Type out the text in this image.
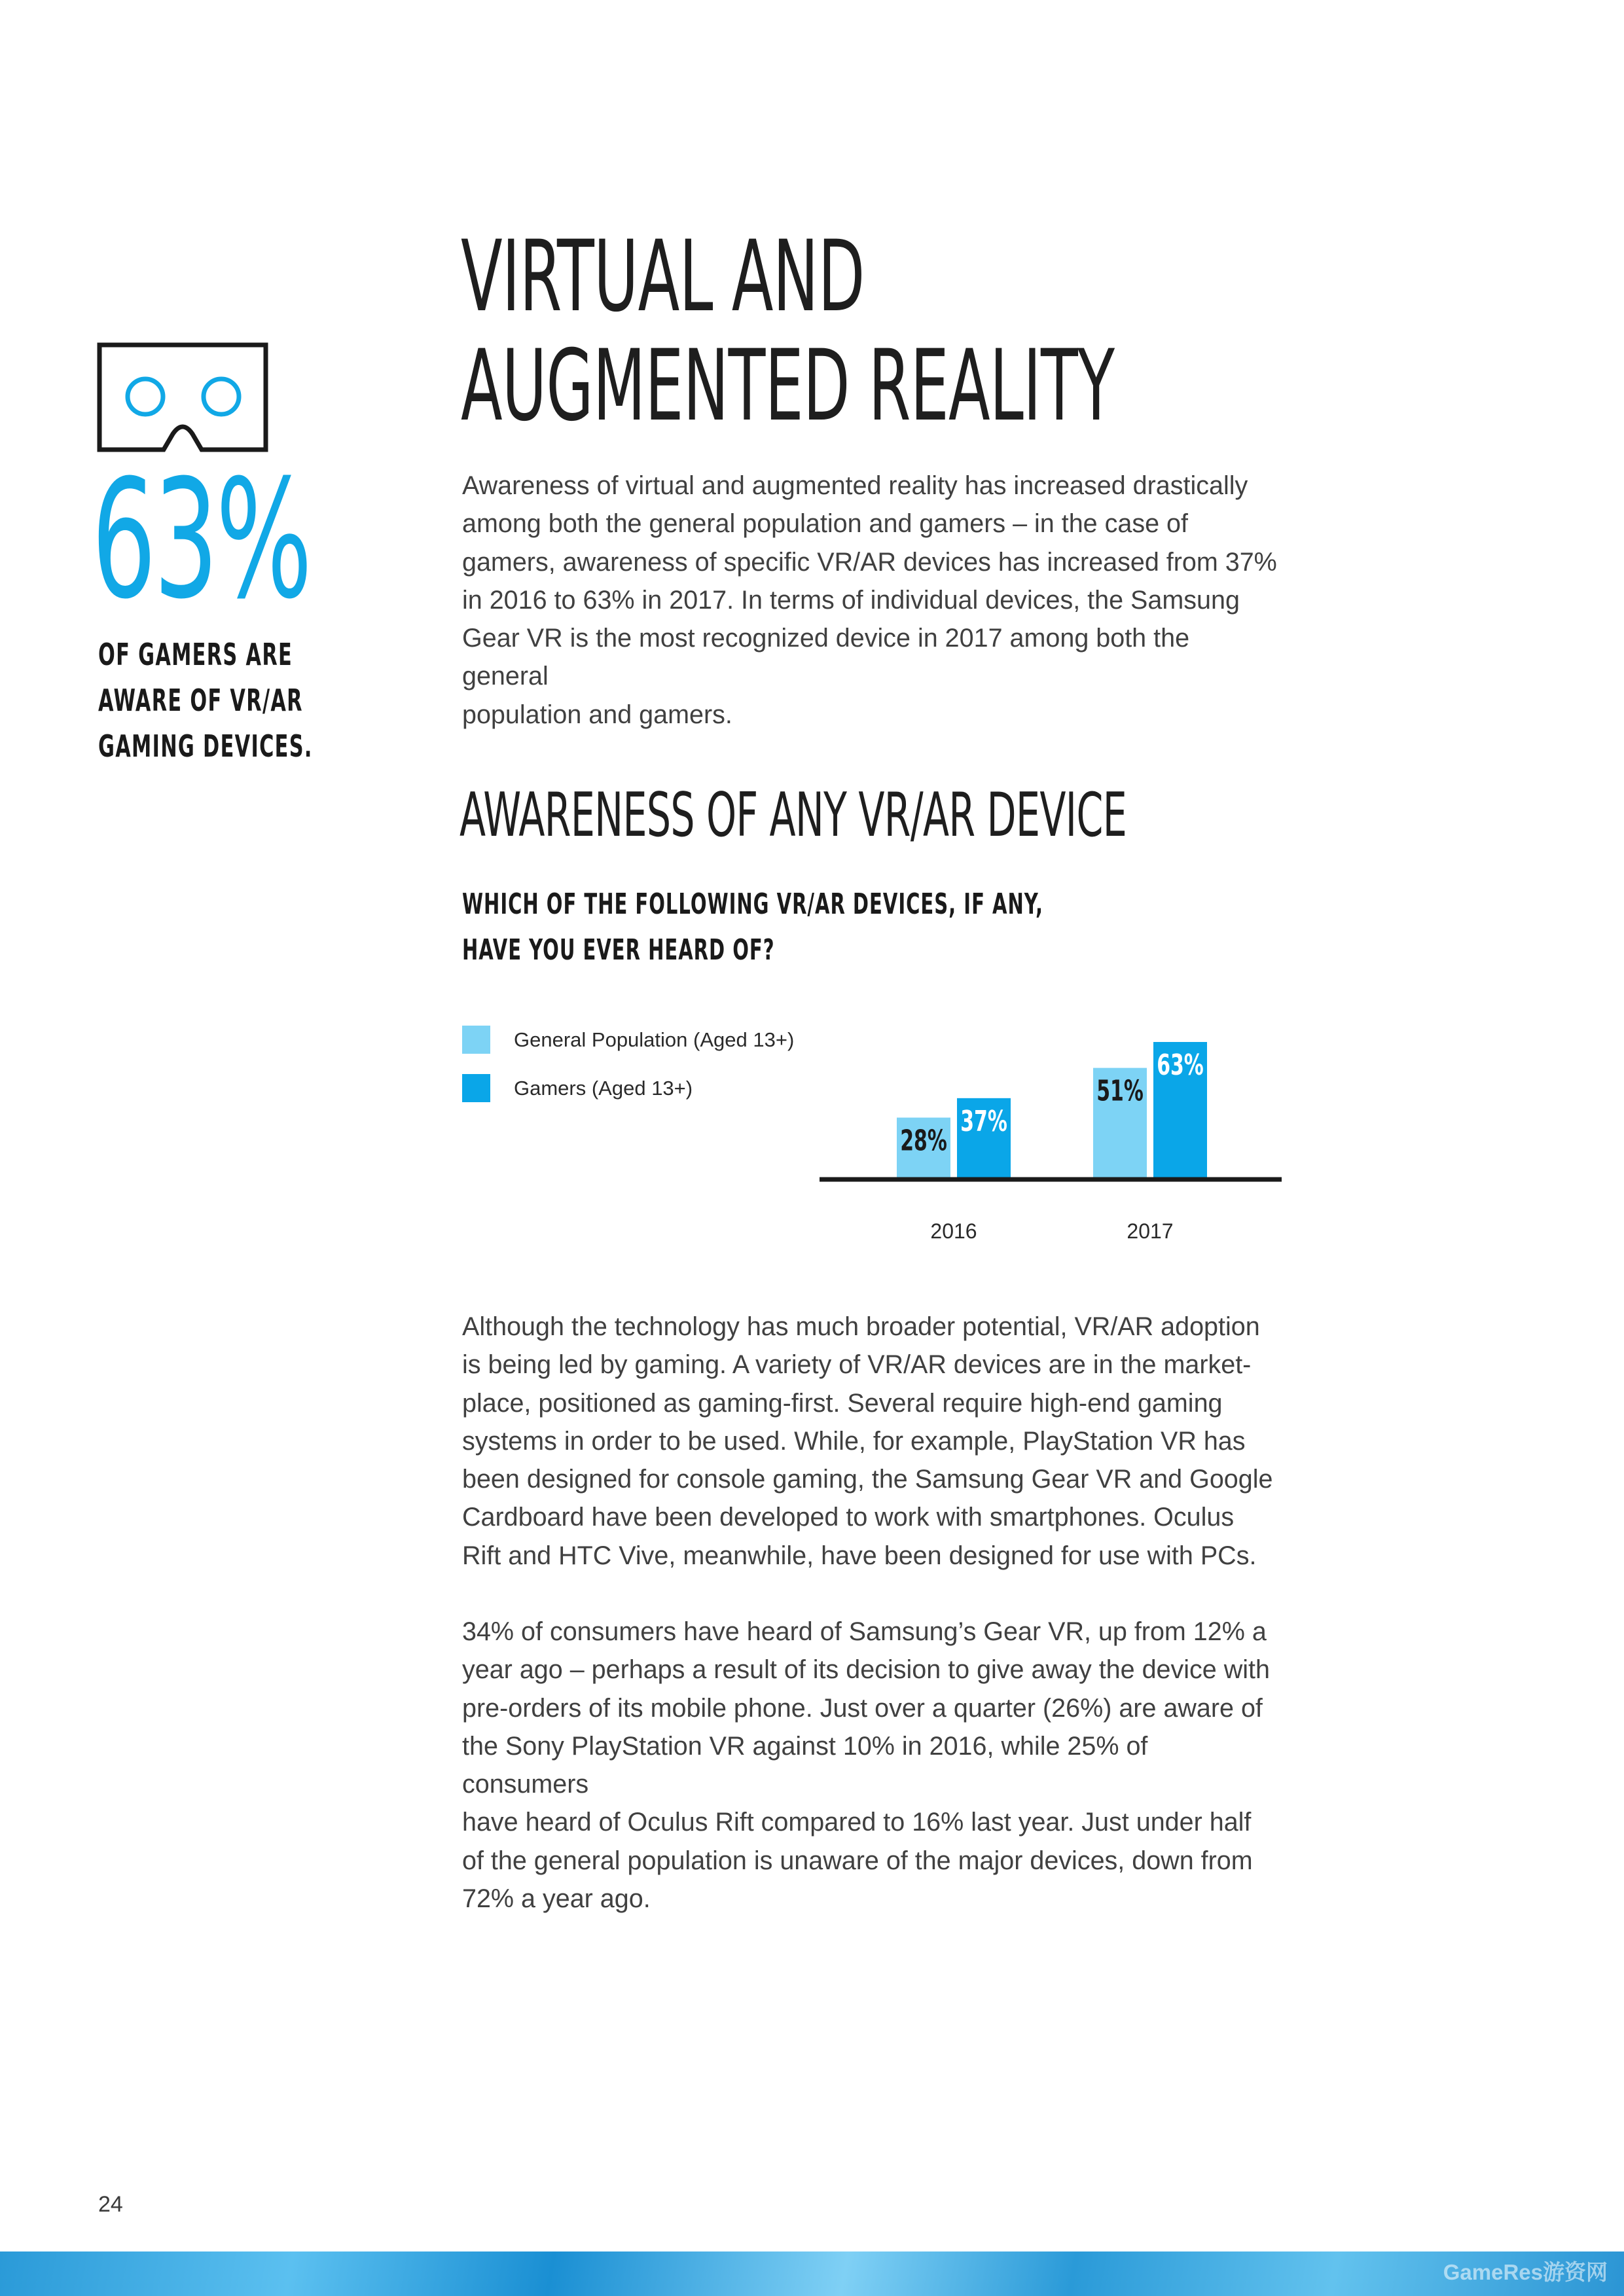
63%
OF GAMERS ARE
AWARE OF VR/AR
GAMING DEVICES.
VIRTUAL AND
AUGMENTED REALITY
Awareness of virtual and augmented reality has increased drastically
among both the general population and gamers – in the case of
gamers, awareness of specific VR/AR devices has increased from 37%
in 2016 to 63% in 2017. In terms of individual devices, the Samsung
Gear VR is the most recognized device in 2017 among both the general
population and gamers.
AWARENESS OF ANY VR/AR DEVICE
WHICH OF THE FOLLOWING VR/AR DEVICES, IF ANY,
HAVE YOU EVER HEARD OF?
General Population (Aged 13+)
Gamers (Aged 13+)
28%
37%
2016
51%
63%
2017
Although the technology has much broader potential, VR/AR adoption
is being led by gaming. A variety of VR/AR devices are in the market-
place, positioned as gaming-first. Several require high-end gaming
systems in order to be used. While, for example, PlayStation VR has
been designed for console gaming, the Samsung Gear VR and Google
Cardboard have been developed to work with smartphones. Oculus
Rift and HTC Vive, meanwhile, have been designed for use with PCs.
34% of consumers have heard of Samsung’s Gear VR, up from 12% a
year ago – perhaps a result of its decision to give away the device with
pre-orders of its mobile phone. Just over a quarter (26%) are aware of
the Sony PlayStation VR against 10% in 2016, while 25% of consumers
have heard of Oculus Rift compared to 16% last year. Just under half
of the general population is unaware of the major devices, down from
72% a year ago.
24
GameRes游资网
